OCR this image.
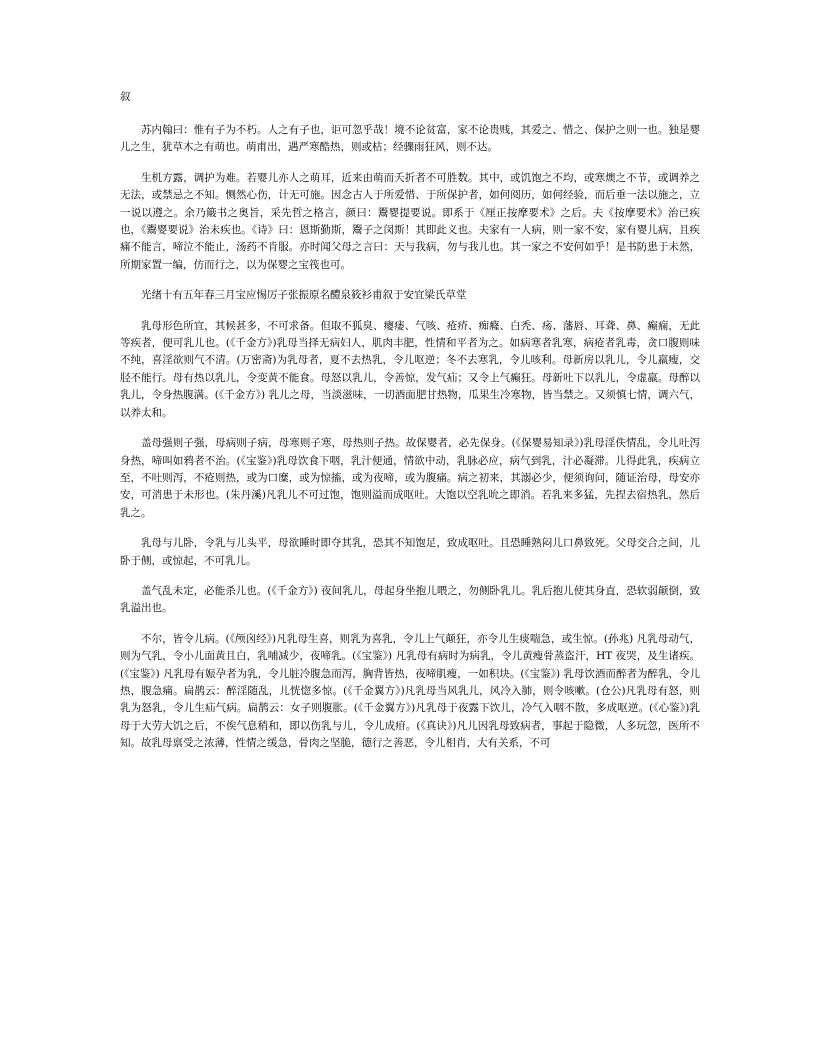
叙

苏内翰曰：惟有子为不朽。人之有子也，讵可忽乎哉！境不论贫富，家不论贵贱，其爱之、惜之、保护之则一也。独是婴儿之生，犹草木之有萌也。萌甫出，遇严寒酷热，则或枯；经骤雨狂风，则不达。

生机方露，调护为难。若婴儿亦人之萌耳，近来由萌而夭折者不可胜数。其中，或饥饱之不均，或寒燠之不节，或调养之无法，或禁忌之不知。恻然心伤，计无可施。因念古人于所爱惜、于所保护者，如何阅历，如何经验，而后垂一法以施之，立一说以遵之。余乃簸书之奥旨，采先哲之格言，颜曰：鬻婴提要说。即系于《厘正按摩要术》之后。夫《按摩要术》治已疾也，《鬻婴要说》治未疾也。《诗》曰：恩斯勤斯，鬻子之闵斯！其即此义也。夫家有一人病，则一家不安，家有婴儿病，且疾痛不能言，啼泣不能止，汤药不肯服。亦时闻父母之言曰：天与我病，勿与我儿也。其一家之不安何如乎！是书防患于未然，所期家置一编，仿而行之，以为保婴之宝筏也可。

光绪十有五年春三月宝应惕厉子张振原名醴泉筱衫甫叙于安宜梁氏草堂

乳母形色所宜，其候甚多，不可求备。但取不狐臭、瘿瘘、气咳、疮疥、痴癃、白秃、疡、藩唇、耳聋、鼻、癫痫，无此等疾者，便可乳儿也。(《千金方》)乳母当择无病妇人，肌肉丰肥，性情和平者为之。如病寒者乳寒，病疮者乳毒，贪口腹则味不纯，喜淫欲则气不清。(万密斋)为乳母者，夏不去热乳，令儿呕逆；冬不去寒乳，令儿咳利。母新房以乳儿，令儿羸瘦，交胫不能行。母有热以乳儿，令变黄不能食。母怒以乳儿，令善惊，发气疝；又令上气癫狂。母新吐下以乳儿，令虚羸。母醉以乳儿，令身热腹满。(《千金方》) 乳儿之母，当淡滋味，一切酒面肥甘热物，瓜果生冷寒物，皆当禁之。又须慎七情，调六气，以养太和。

盖母强则子强，母病则子病，母寒则子寒，母热则子热。故保婴者，必先保身。(《保婴易知录》)乳母淫佚情乱，令儿吐泻身热，啼叫如鸦者不治。(《宝鉴》)乳母饮食下咽，乳汁便通，情欲中动，乳脉必应，病气到乳，汁必凝滞。儿得此乳，疾病立至，不吐则泻，不疮则热，或为口糜，或为惊搐，或为夜啼，或为腹痛。病之初来，其溺必少，便须询问，随证治母，母安亦安，可消患于未形也。(朱丹溪)凡乳儿不可过饱，饱则溢而成呕吐。大饱以空乳吮之即消。若乳来多猛，先捏去宿热乳，然后乳之。

乳母与儿卧，令乳与儿头平，母欲睡时即夺其乳，恐其不知饱足，致成呕吐。且恐睡熟闷儿口鼻致死。父母交合之间，儿卧于侧，或惊起，不可乳儿。

盖气乱未定，必能杀儿也。(《千金方》) 夜间乳儿，母起身坐抱儿喂之，勿侧卧乳儿。乳后抱儿使其身直，恐软弱颠倒，致乳溢出也。

不尔，皆令儿病。(《颅囟经》)凡乳母生喜，则乳为喜乳，令儿上气颠狂，亦令儿生痰喘急，或生惊。(孙兆) 凡乳母动气，则为气乳，令小儿面黄且白，乳哺减少，夜啼乳。(《宝鉴》) 凡乳母有病时为病乳，令儿黄瘦骨蒸盗汗，HT 夜哭，及生诸疾。(《宝鉴》) 凡乳母有娠孕者为乳，令儿脏冷腹急而泻，胸背皆热，夜啼肌瘦，一如积块。(《宝鉴》) 乳母饮酒而醉者为醉乳，令儿热，腹急痛。扁鹊云：醉淫随乱，儿恍惚多惊。(《千金翼方》)凡乳母当风乳儿，风冷入肺，则令咳嗽。(仓公)凡乳母有怒，则乳为怒乳，令儿生疝气病。扁鹊云：女子则腹胀。(《千金翼方》)凡乳母于夜露下饮儿，冷气入咽不散，多成呕逆。(《心鉴》)乳母于大劳大饥之后，不俟气息稍和，即以伤乳与儿，令儿成疳。(《真诀》)凡儿因乳母致病者，事起于隐微，人多玩忽，医所不知。故乳母禀受之浓薄，性情之缓急，骨肉之坚脆，德行之善恶，令儿相肖，大有关系，不可
